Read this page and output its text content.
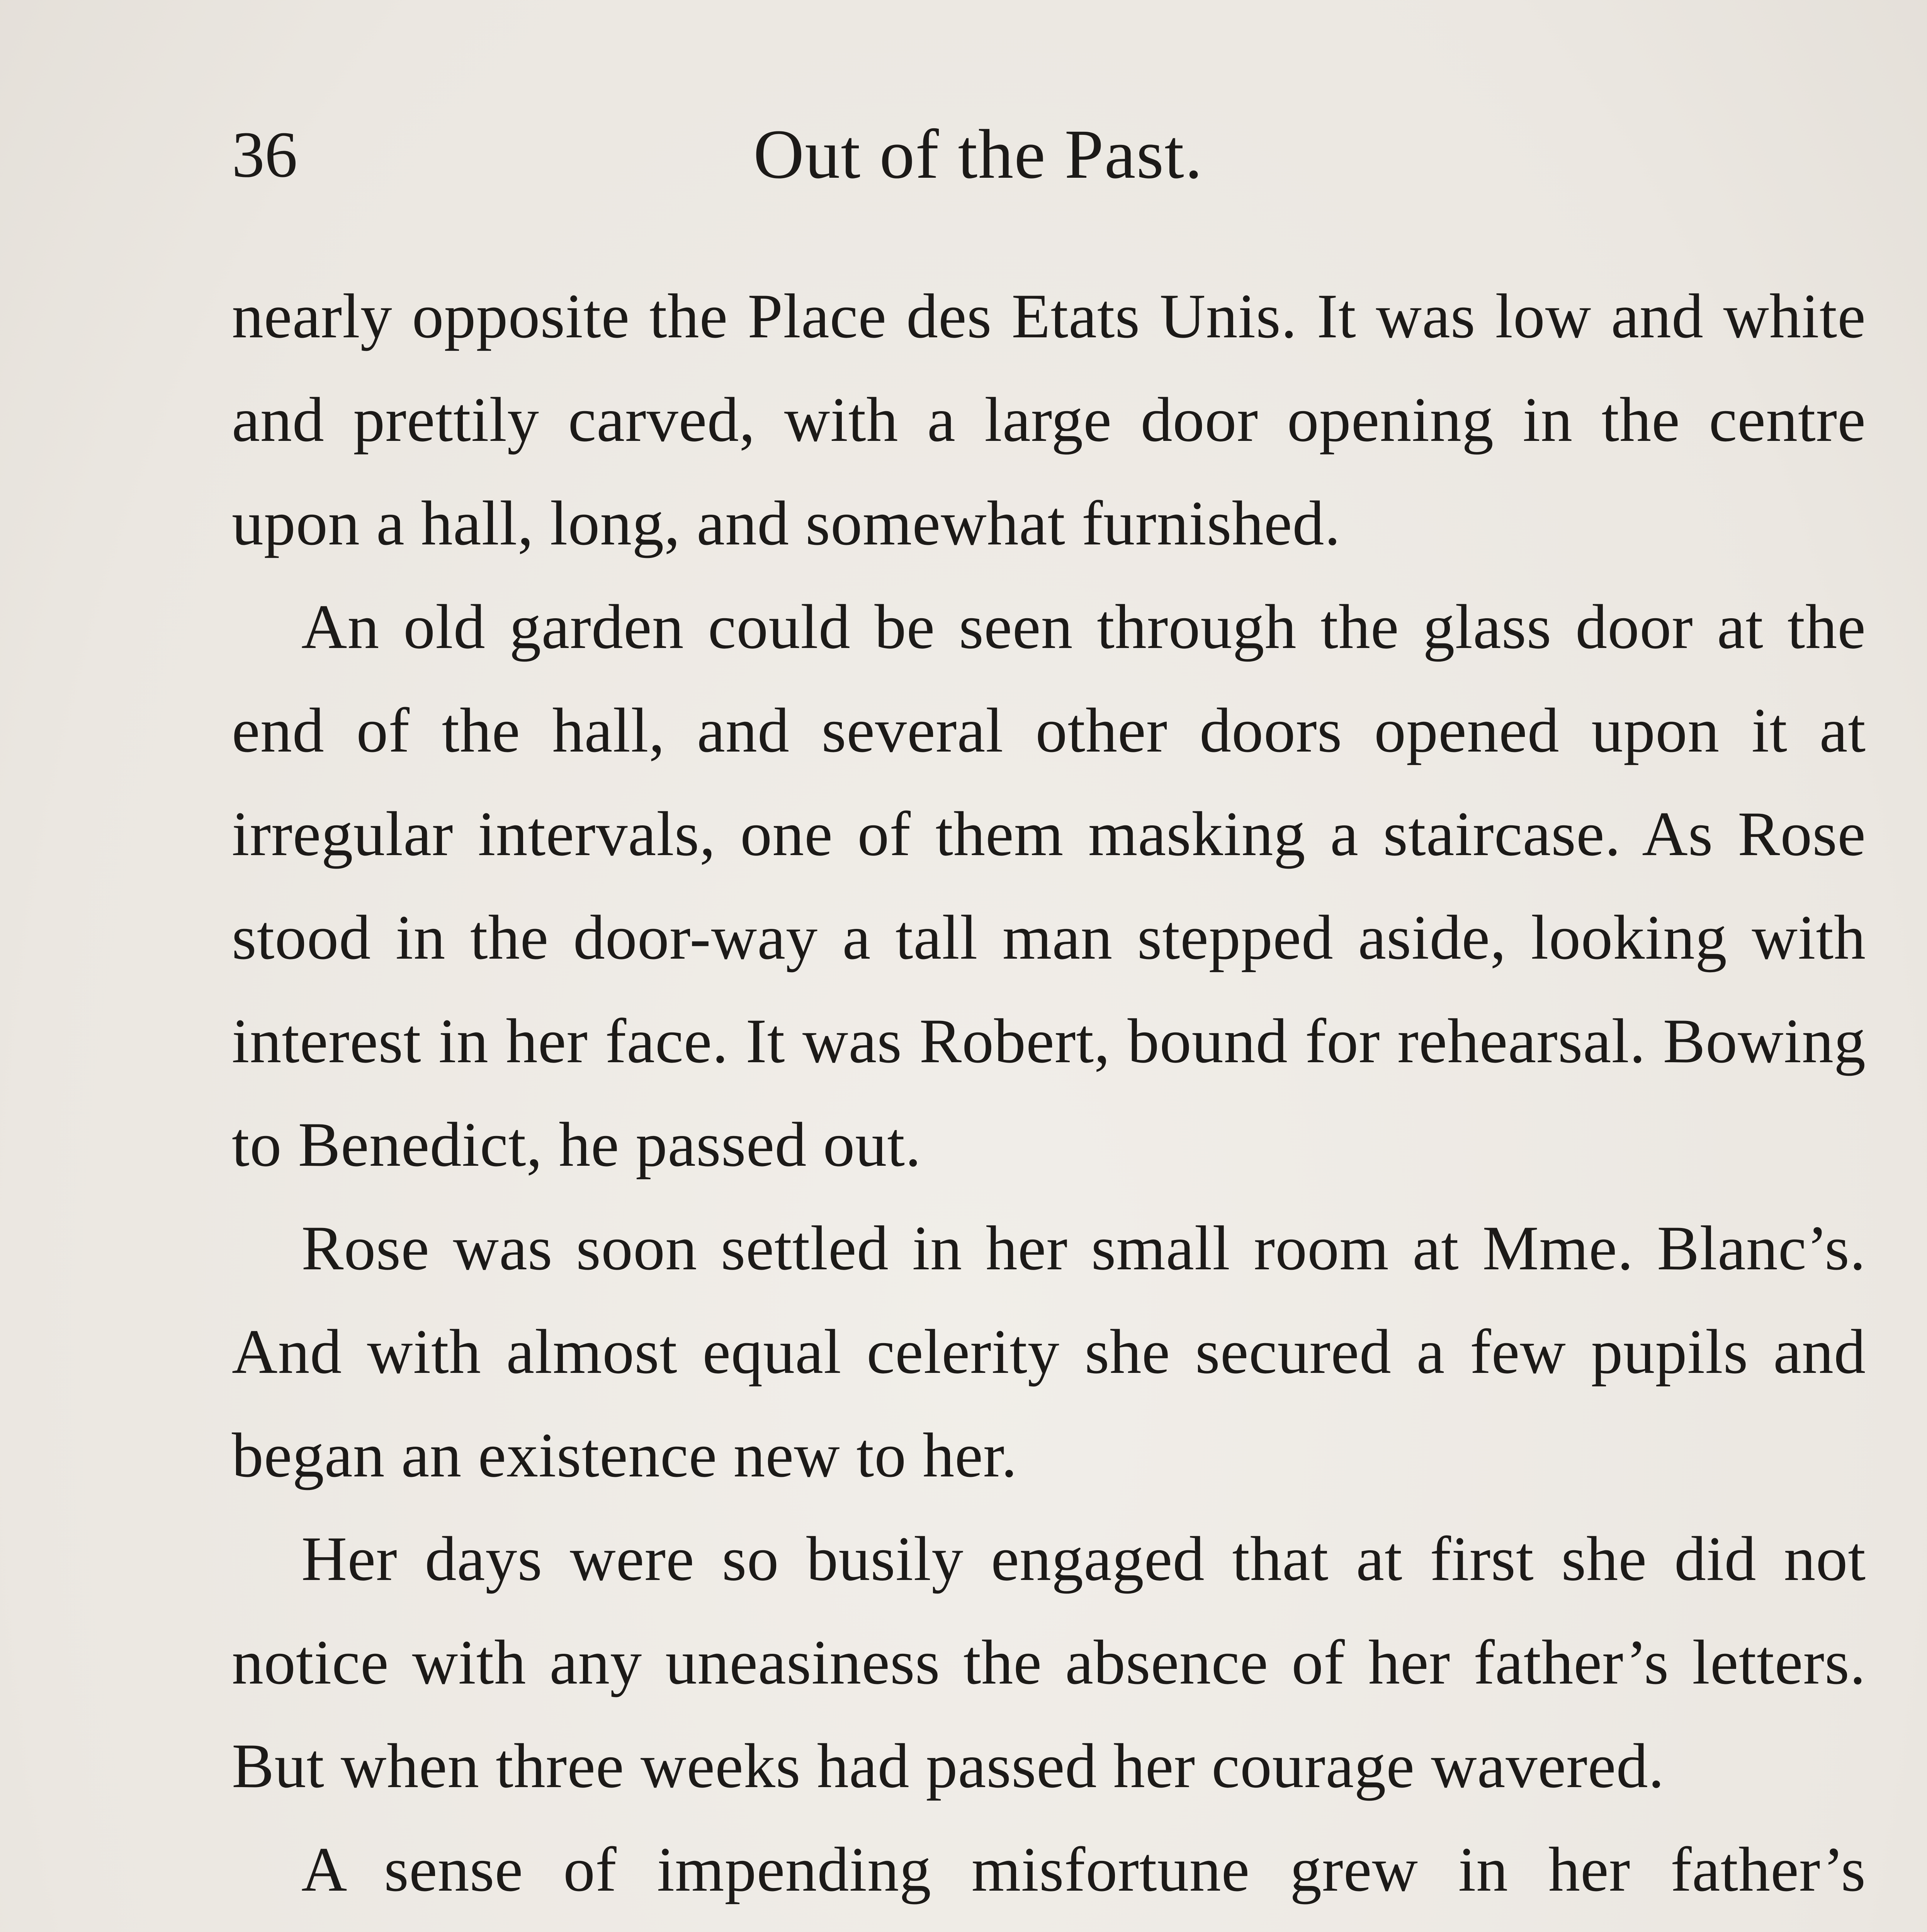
36	Out of the Past.

nearly opposite the Place des Etats Unis. It was low and white and prettily carved, with a large door opening in the centre upon a hall, long, and somewhat furnished.

An old garden could be seen through the glass door at the end of the hall, and several other doors opened upon it at irregular intervals, one of them masking a staircase. As Rose stood in the door-way a tall man stepped aside, looking with interest in her face. It was Robert, bound for rehearsal. Bowing to Benedict, he passed out.

Rose was soon settled in her small room at Mme. Blanc’s. And with almost equal celerity she secured a few pupils and began an existence new to her.

Her days were so busily engaged that at first she did not notice with any uneasiness the absence of her father’s letters. But when three weeks had passed her courage wavered.

A sense of impending misfortune grew in her father’s
